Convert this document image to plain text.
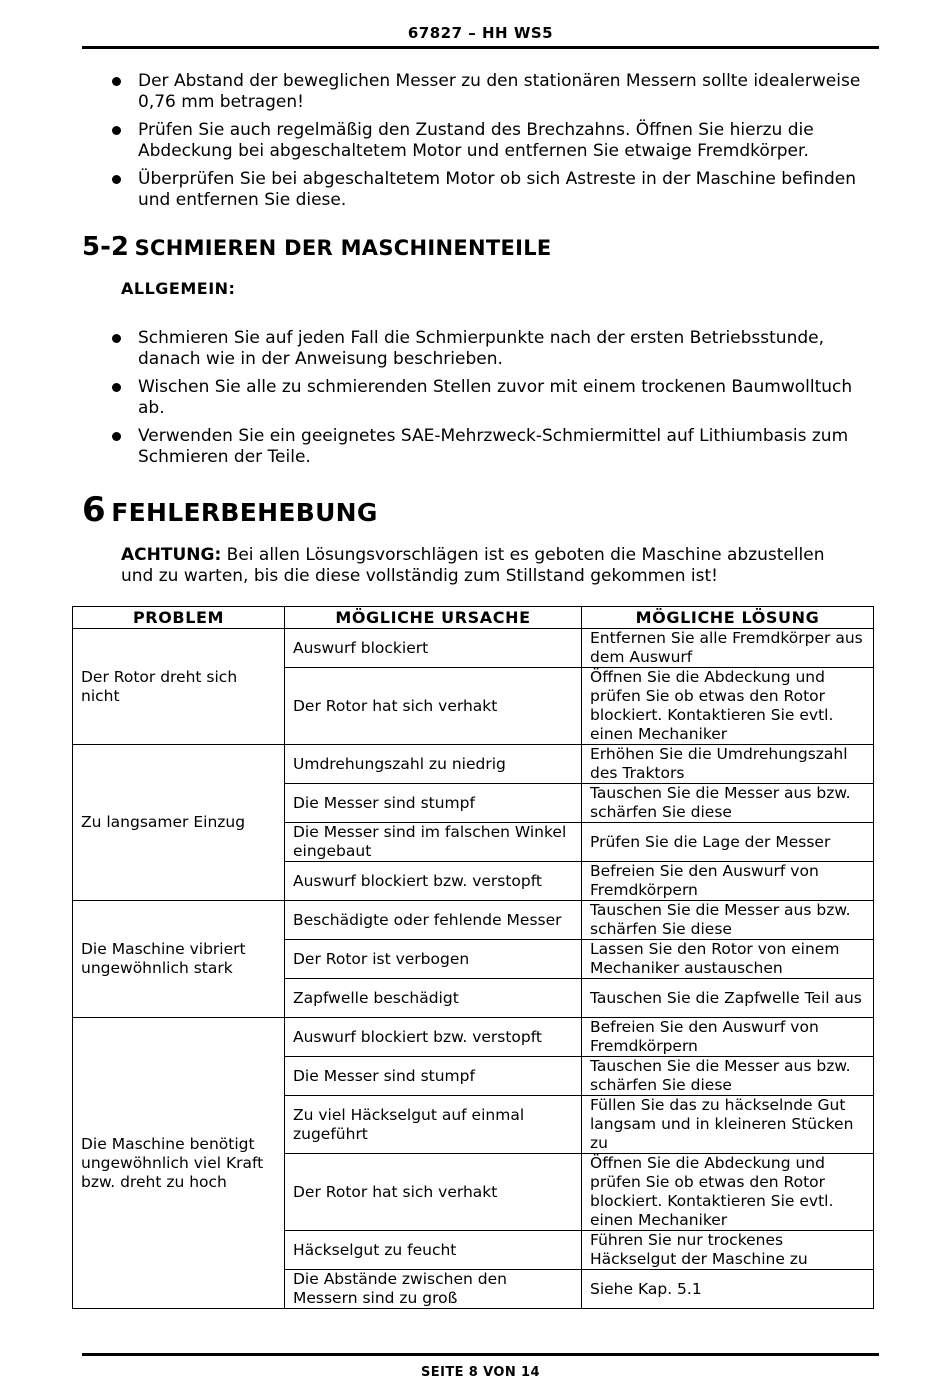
67827 – HH WS5
Der Abstand der beweglichen Messer zu den stationären Messern sollte idealerweise 0,76 mm betragen!
Prüfen Sie auch regelmäßig den Zustand des Brechzahns. Öffnen Sie hierzu die Abdeckung bei abgeschaltetem Motor und entfernen Sie etwaige Fremdkörper.
Überprüfen Sie bei abgeschaltetem Motor ob sich Astreste in der Maschine befinden und entfernen Sie diese.
5-2 SCHMIEREN DER MASCHINENTEILE
ALLGEMEIN:
Schmieren Sie auf jeden Fall die Schmierpunkte nach der ersten Betriebsstunde, danach wie in der Anweisung beschrieben.
Wischen Sie alle zu schmierenden Stellen zuvor mit einem trockenen Baumwolltuch ab.
Verwenden Sie ein geeignetes SAE-Mehrzweck-Schmiermittel auf Lithiumbasis zum Schmieren der Teile.
6 FEHLERBEHEBUNG
ACHTUNG: Bei allen Lösungsvorschlägen ist es geboten die Maschine abzustellen und zu warten, bis die diese vollständig zum Stillstand gekommen ist!
PROBLEM	MÖGLICHE URSACHE	MÖGLICHE LÖSUNG
Der Rotor dreht sich nicht	Auswurf blockiert	Entfernen Sie alle Fremdkörper aus dem Auswurf
	Der Rotor hat sich verhakt	Öffnen Sie die Abdeckung und prüfen Sie ob etwas den Rotor blockiert. Kontaktieren Sie evtl. einen Mechaniker
Zu langsamer Einzug	Umdrehungszahl zu niedrig	Erhöhen Sie die Umdrehungszahl des Traktors
	Die Messer sind stumpf	Tauschen Sie die Messer aus bzw. schärfen Sie diese
	Die Messer sind im falschen Winkel eingebaut	Prüfen Sie die Lage der Messer
	Auswurf blockiert bzw. verstopft	Befreien Sie den Auswurf von Fremdkörpern
Die Maschine vibriert ungewöhnlich stark	Beschädigte oder fehlende Messer	Tauschen Sie die Messer aus bzw. schärfen Sie diese
	Der Rotor ist verbogen	Lassen Sie den Rotor von einem Mechaniker austauschen
	Zapfwelle beschädigt	Tauschen Sie die Zapfwelle Teil aus
Die Maschine benötigt ungewöhnlich viel Kraft bzw. dreht zu hoch	Auswurf blockiert bzw. verstopft	Befreien Sie den Auswurf von Fremdkörpern
	Die Messer sind stumpf	Tauschen Sie die Messer aus bzw. schärfen Sie diese
	Zu viel Häckselgut auf einmal zugeführt	Füllen Sie das zu häckselnde Gut langsam und in kleineren Stücken zu
	Der Rotor hat sich verhakt	Öffnen Sie die Abdeckung und prüfen Sie ob etwas den Rotor blockiert. Kontaktieren Sie evtl. einen Mechaniker
	Häckselgut zu feucht	Führen Sie nur trockenes Häckselgut der Maschine zu
	Die Abstände zwischen den Messern sind zu groß	Siehe Kap. 5.1
SEITE 8 VON 14
